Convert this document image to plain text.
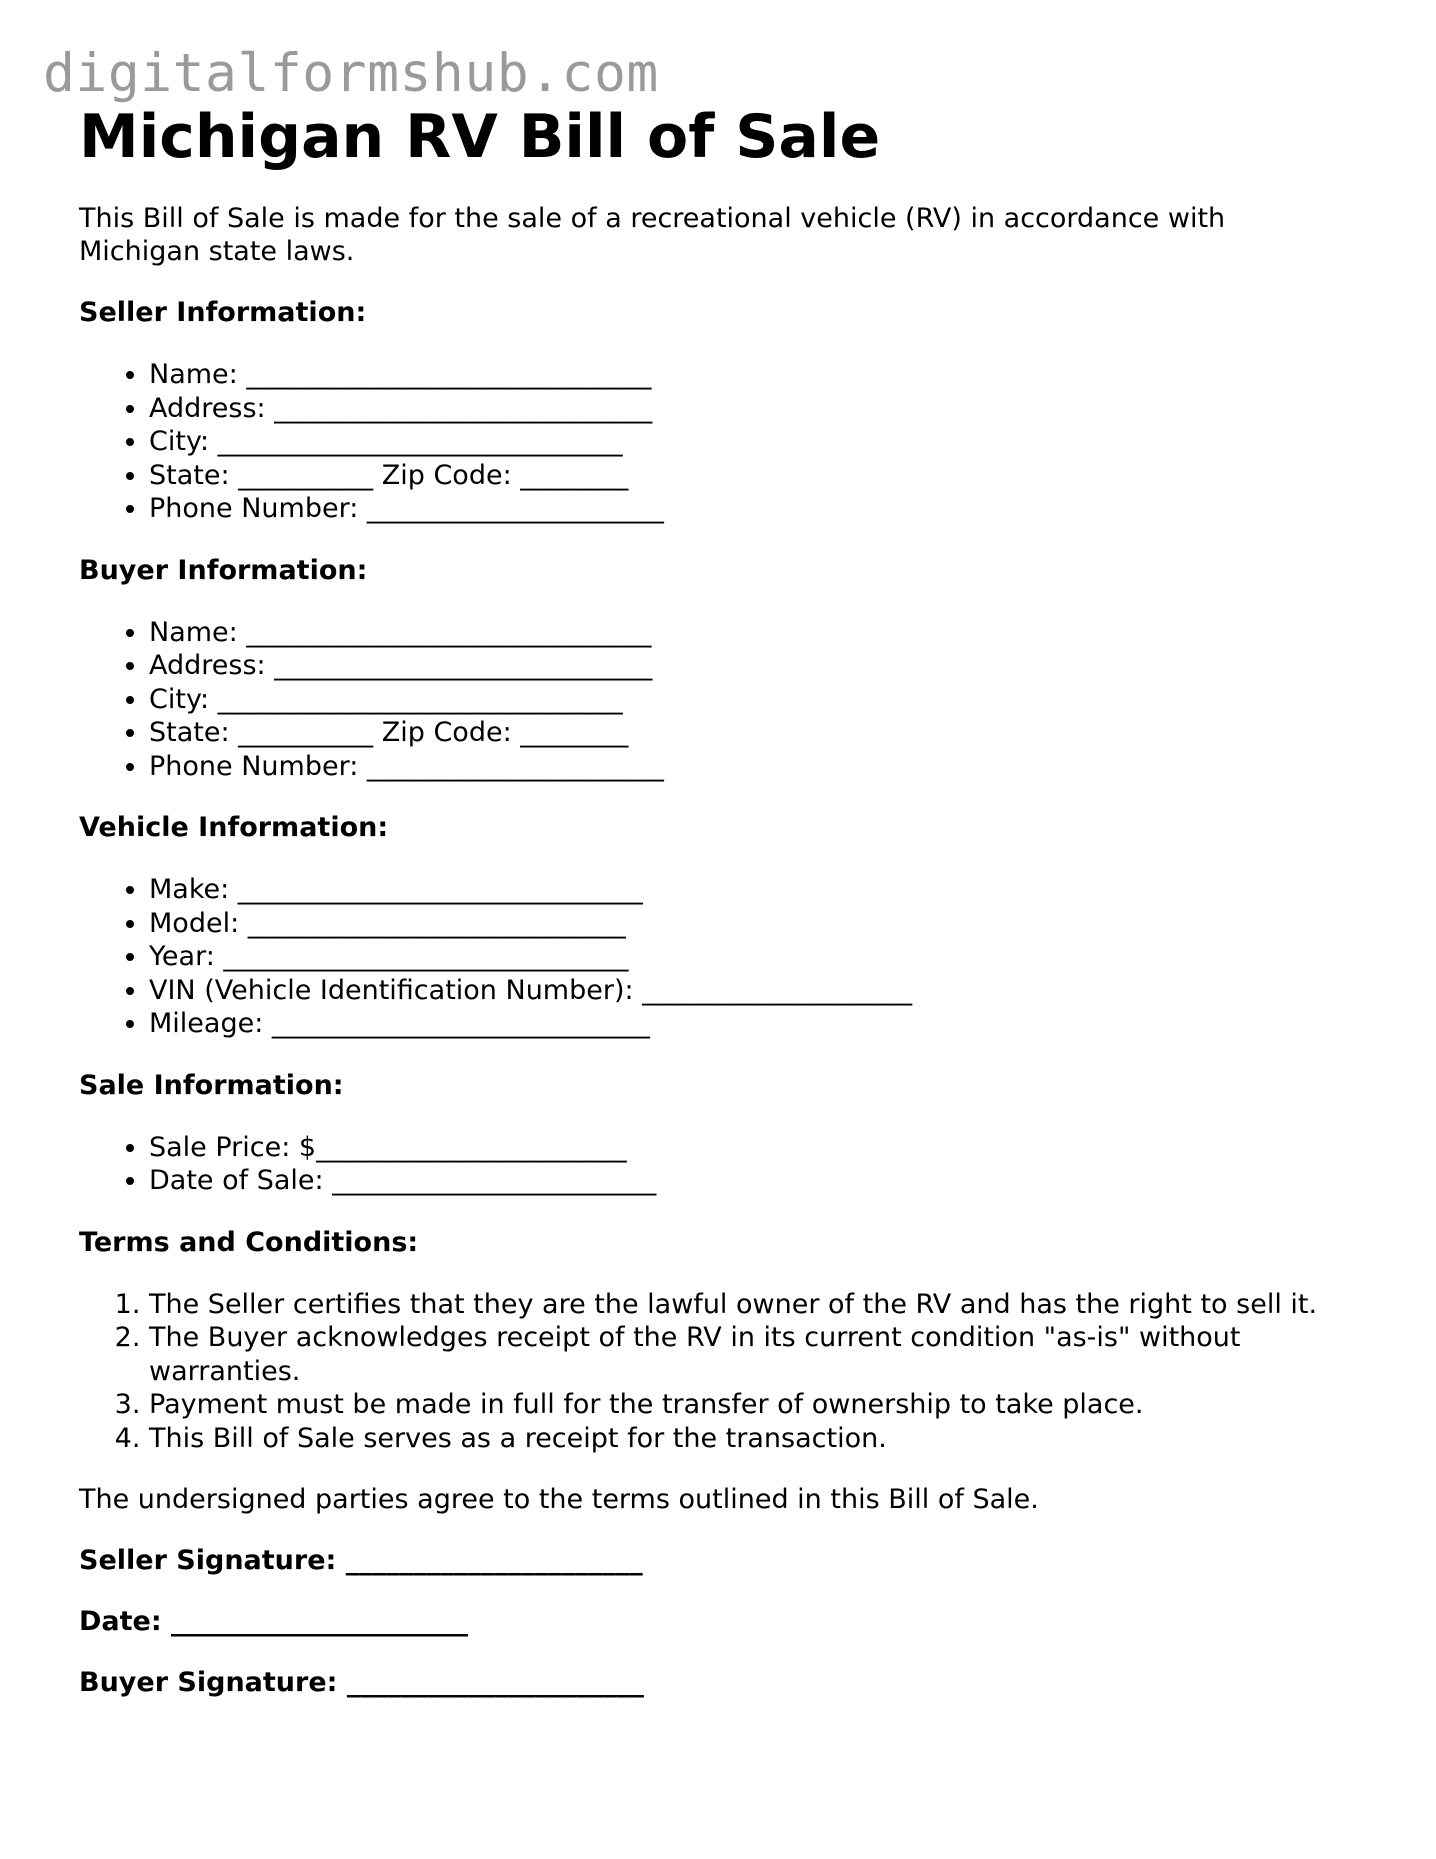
digitalformshub.com
Michigan RV Bill of Sale

This Bill of Sale is made for the sale of a recreational vehicle (RV) in accordance with Michigan state laws.

Seller Information:
• Name: ______________________________
• Address: ____________________________
• City: ______________________________
• State: __________ Zip Code: ________
• Phone Number: ______________________
Buyer Information:
• Name: ______________________________
• Address: ____________________________
• City: ______________________________
• State: __________ Zip Code: ________
• Phone Number: ______________________
Vehicle Information:
• Make: ______________________________
• Model: ____________________________
• Year: ______________________________
• VIN (Vehicle Identification Number): ____________________
• Mileage: ____________________________
Sale Information:
• Sale Price: $_______________________
• Date of Sale: ________________________
Terms and Conditions:
1. The Seller certifies that they are the lawful owner of the RV and has the right to sell it.
2. The Buyer acknowledges receipt of the RV in its current condition "as-is" without warranties.
3. Payment must be made in full for the transfer of ownership to take place.
4. This Bill of Sale serves as a receipt for the transaction.

The undersigned parties agree to the terms outlined in this Bill of Sale.

Seller Signature: ______________________
Date: ______________________
Buyer Signature: ______________________
